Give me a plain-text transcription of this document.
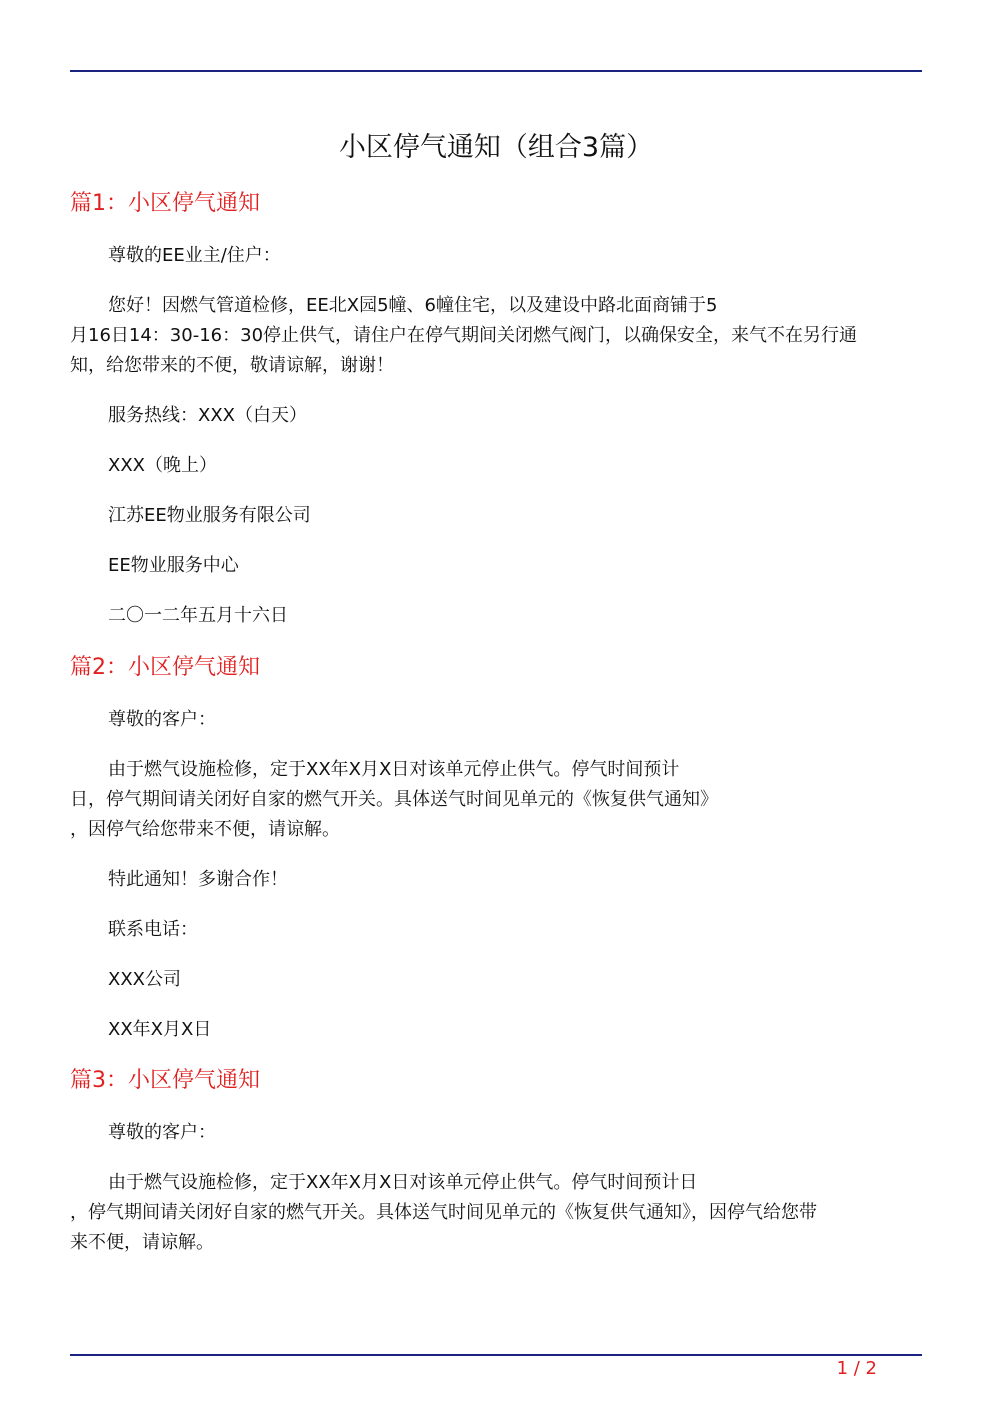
小区停气通知（组合3篇）
篇1：小区停气通知
尊敬的EE业主/住户：
您好！因燃气管道检修，EE北X园5幢、6幢住宅，以及建设中路北面商铺于5
月16日14：30-16：30停止供气，请住户在停气期间关闭燃气阀门，以确保安全，来气不在另行通
知，给您带来的不便，敬请谅解，谢谢！
服务热线：XXX（白天）
XXX（晚上）
江苏EE物业服务有限公司
EE物业服务中心
二〇一二年五月十六日
篇2：小区停气通知
尊敬的客户：
由于燃气设施检修，定于XX年X月X日对该单元停止供气。停气时间预计
日，停气期间请关闭好自家的燃气开关。具体送气时间见单元的《恢复供气通知》
，因停气给您带来不便，请谅解。
特此通知！多谢合作！
联系电话：
XXX公司
XX年X月X日
篇3：小区停气通知
尊敬的客户：
由于燃气设施检修，定于XX年X月X日对该单元停止供气。停气时间预计日
，停气期间请关闭好自家的燃气开关。具体送气时间见单元的《恢复供气通知》，因停气给您带
来不便，请谅解。
1 / 2
